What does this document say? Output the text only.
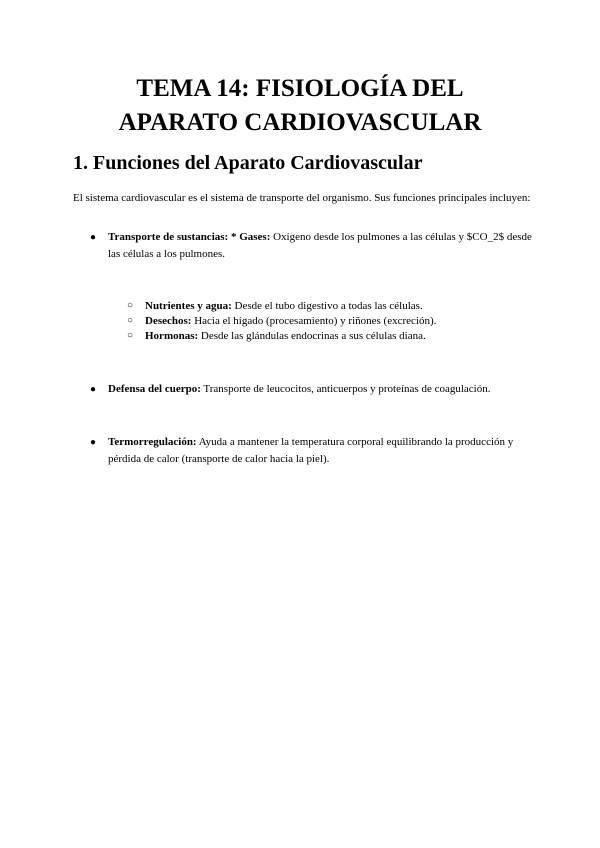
TEMA 14: FISIOLOGÍA DEL
APARATO CARDIOVASCULAR
1. Funciones del Aparato Cardiovascular

El sistema cardiovascular es el sistema de transporte del organismo. Sus funciones principales incluyen:

● Transporte de sustancias: * Gases: Oxígeno desde los pulmones a las células y $CO_2$ desde las células a los pulmones.
○ Nutrientes y agua: Desde el tubo digestivo a todas las células.
○ Desechos: Hacia el hígado (procesamiento) y riñones (excreción).
○ Hormonas: Desde las glándulas endocrinas a sus células diana.
● Defensa del cuerpo: Transporte de leucocitos, anticuerpos y proteínas de coagulación.
● Termorregulación: Ayuda a mantener la temperatura corporal equilibrando la producción y pérdida de calor (transporte de calor hacia la piel).
